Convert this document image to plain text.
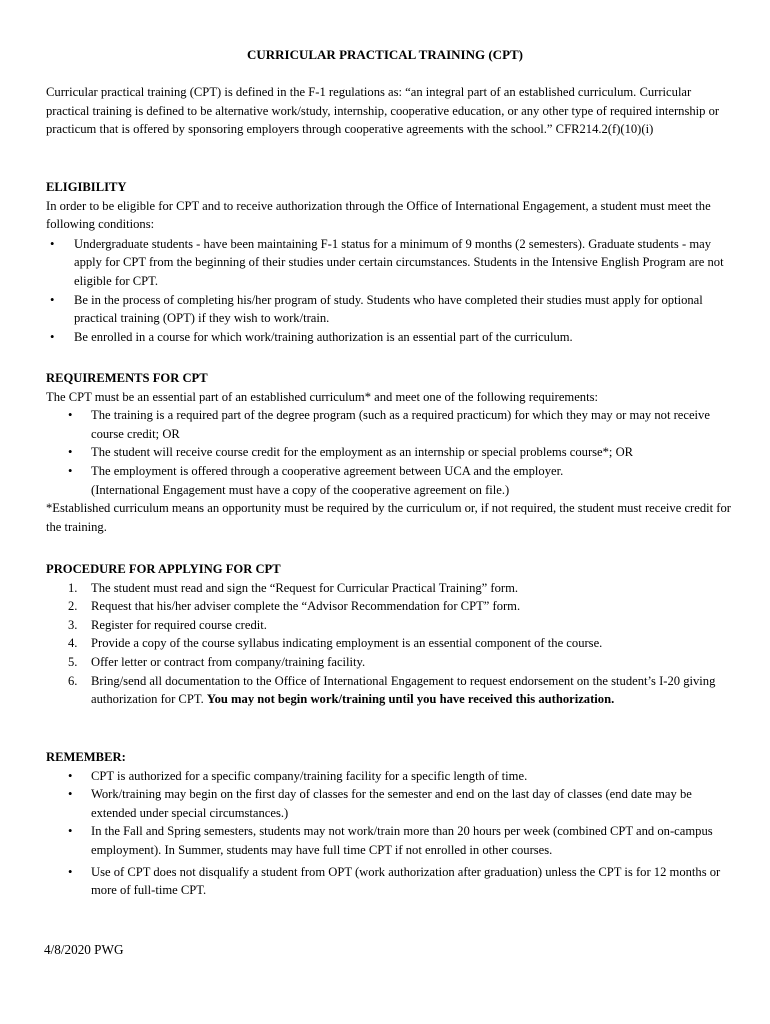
CURRICULAR PRACTICAL TRAINING (CPT)
Curricular practical training (CPT) is defined in the F-1 regulations as: “an integral part of an established curriculum. Curricular practical training is defined to be alternative work/study, internship, cooperative education, or any other type of required internship or practicum that is offered by sponsoring employers through cooperative agreements with the school.” CFR214.2(f)(10)(i)
ELIGIBILITY
In order to be eligible for CPT and to receive authorization through the Office of International Engagement, a student must meet the following conditions:
• Undergraduate students - have been maintaining F-1 status for a minimum of 9 months (2 semesters). Graduate students - may apply for CPT from the beginning of their studies under certain circumstances. Students in the Intensive English Program are not eligible for CPT.
• Be in the process of completing his/her program of study. Students who have completed their studies must apply for optional practical training (OPT) if they wish to work/train.
• Be enrolled in a course for which work/training authorization is an essential part of the curriculum.
REQUIREMENTS FOR CPT
The CPT must be an essential part of an established curriculum* and meet one of the following requirements:
• The training is a required part of the degree program (such as a required practicum) for which they may or may not receive course credit; OR
• The student will receive course credit for the employment as an internship or special problems course*; OR
• The employment is offered through a cooperative agreement between UCA and the employer.
(International Engagement must have a copy of the cooperative agreement on file.)
*Established curriculum means an opportunity must be required by the curriculum or, if not required, the student must receive credit for the training.
PROCEDURE FOR APPLYING FOR CPT
1. The student must read and sign the “Request for Curricular Practical Training” form.
2. Request that his/her adviser complete the “Advisor Recommendation for CPT” form.
3. Register for required course credit.
4. Provide a copy of the course syllabus indicating employment is an essential component of the course.
5. Offer letter or contract from company/training facility.
6. Bring/send all documentation to the Office of International Engagement to request endorsement on the student’s I-20 giving authorization for CPT. You may not begin work/training until you have received this authorization.
REMEMBER:
• CPT is authorized for a specific company/training facility for a specific length of time.
• Work/training may begin on the first day of classes for the semester and end on the last day of classes (end date may be extended under special circumstances.)
• In the Fall and Spring semesters, students may not work/train more than 20 hours per week (combined CPT and on-campus employment). In Summer, students may have full time CPT if not enrolled in other courses.
• Use of CPT does not disqualify a student from OPT (work authorization after graduation) unless the CPT is for 12 months or more of full-time CPT.
4/8/2020 PWG
